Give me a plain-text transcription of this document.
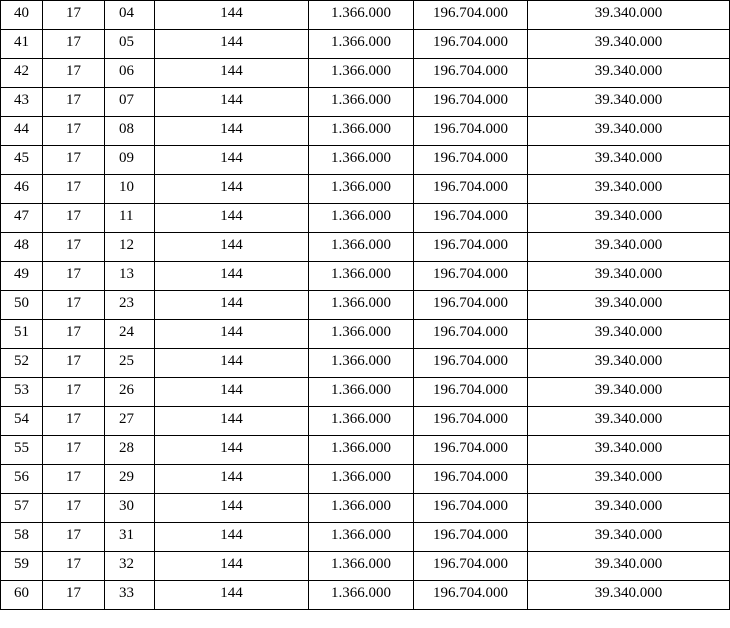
40	17	04	144	1.366.000	196.704.000	39.340.000
41	17	05	144	1.366.000	196.704.000	39.340.000
42	17	06	144	1.366.000	196.704.000	39.340.000
43	17	07	144	1.366.000	196.704.000	39.340.000
44	17	08	144	1.366.000	196.704.000	39.340.000
45	17	09	144	1.366.000	196.704.000	39.340.000
46	17	10	144	1.366.000	196.704.000	39.340.000
47	17	11	144	1.366.000	196.704.000	39.340.000
48	17	12	144	1.366.000	196.704.000	39.340.000
49	17	13	144	1.366.000	196.704.000	39.340.000
50	17	23	144	1.366.000	196.704.000	39.340.000
51	17	24	144	1.366.000	196.704.000	39.340.000
52	17	25	144	1.366.000	196.704.000	39.340.000
53	17	26	144	1.366.000	196.704.000	39.340.000
54	17	27	144	1.366.000	196.704.000	39.340.000
55	17	28	144	1.366.000	196.704.000	39.340.000
56	17	29	144	1.366.000	196.704.000	39.340.000
57	17	30	144	1.366.000	196.704.000	39.340.000
58	17	31	144	1.366.000	196.704.000	39.340.000
59	17	32	144	1.366.000	196.704.000	39.340.000
60	17	33	144	1.366.000	196.704.000	39.340.000
